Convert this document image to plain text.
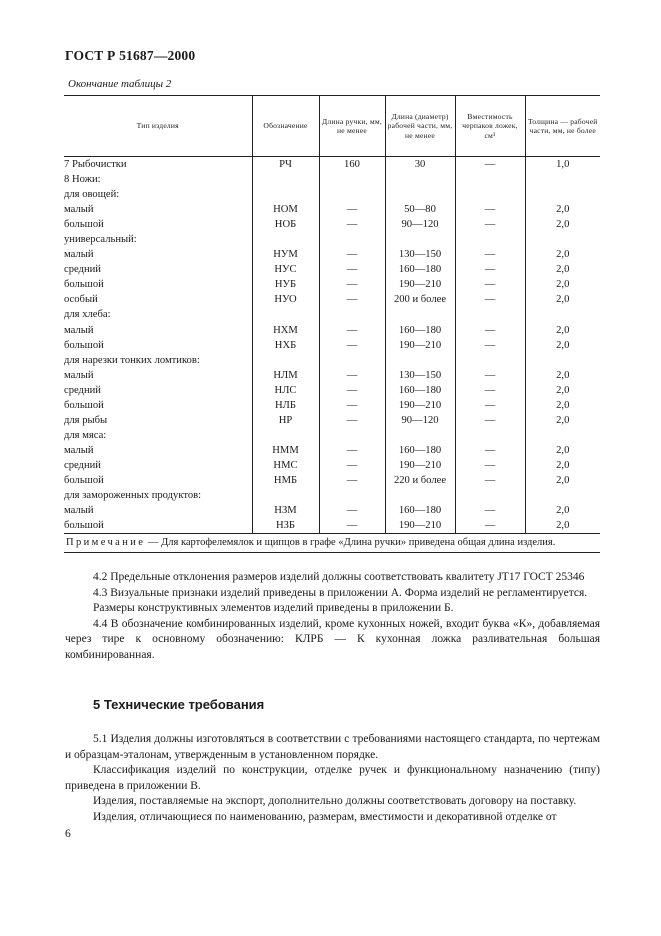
ГОСТ Р 51687—2000
Окончание таблицы 2
Тип изделия	Обозначение	Длина ручки, мм, не менее	Длина (диаметр) рабочей части, мм, не менее	Вместимость черпаков ложек, см³	Толщина — рабочей части, мм, не более
7 Рыбочистки	РЧ	160	30	—	1,0
8 Ножи:					
для овощей:					
малый	НОМ	—	50—80	—	2,0
большой	НОБ	—	90—120	—	2,0
универсальный:					
малый	НУМ	—	130—150	—	2,0
средний	НУС	—	160—180	—	2,0
большой	НУБ	—	190—210	—	2,0
особый	НУО	—	200 и более	—	2,0
для хлеба:					
малый	НХМ	—	160—180	—	2,0
большой	НХБ	—	190—210	—	2,0
для нарезки тонких ломтиков:					
малый	НЛМ	—	130—150	—	2,0
средний	НЛС	—	160—180	—	2,0
большой	НЛБ	—	190—210	—	2,0
для рыбы	НР	—	90—120	—	2,0
для мяса:					
малый	НММ	—	160—180	—	2,0
средний	НМС	—	190—210	—	2,0
большой	НМБ	—	220 и более	—	2,0
для замороженных продуктов:					
малый	НЗМ	—	160—180	—	2,0
большой	НЗБ	—	190—210	—	2,0
Примечание — Для картофелемялок и щипцов в графе «Длина ручки» приведена общая длина изделия.

4.2 Предельные отклонения размеров изделий должны соответствовать квалитету JT17 ГОСТ 25346

4.3 Визуальные признаки изделий приведены в приложении А. Форма изделий не регламентируется.

Размеры конструктивных элементов изделий приведены в приложении Б.

4.4 В обозначение комбинированных изделий, кроме кухонных ножей, входит буква «К», добавляемая через тире к основному обозначению: КЛРБ — К кухонная ложка разливательная большая комбинированная.

5 Технические требования

5.1 Изделия должны изготовляться в соответствии с требованиями настоящего стандарта, по чертежам и образцам-эталонам, утвержденным в установленном порядке.

Классификация изделий по конструкции, отделке ручек и функциональному назначению (типу) приведена в приложении В.

Изделия, поставляемые на экспорт, дополнительно должны соответствовать договору на поставку.

Изделия, отличающиеся по наименованию, размерам, вместимости и декоративной отделке от

6
